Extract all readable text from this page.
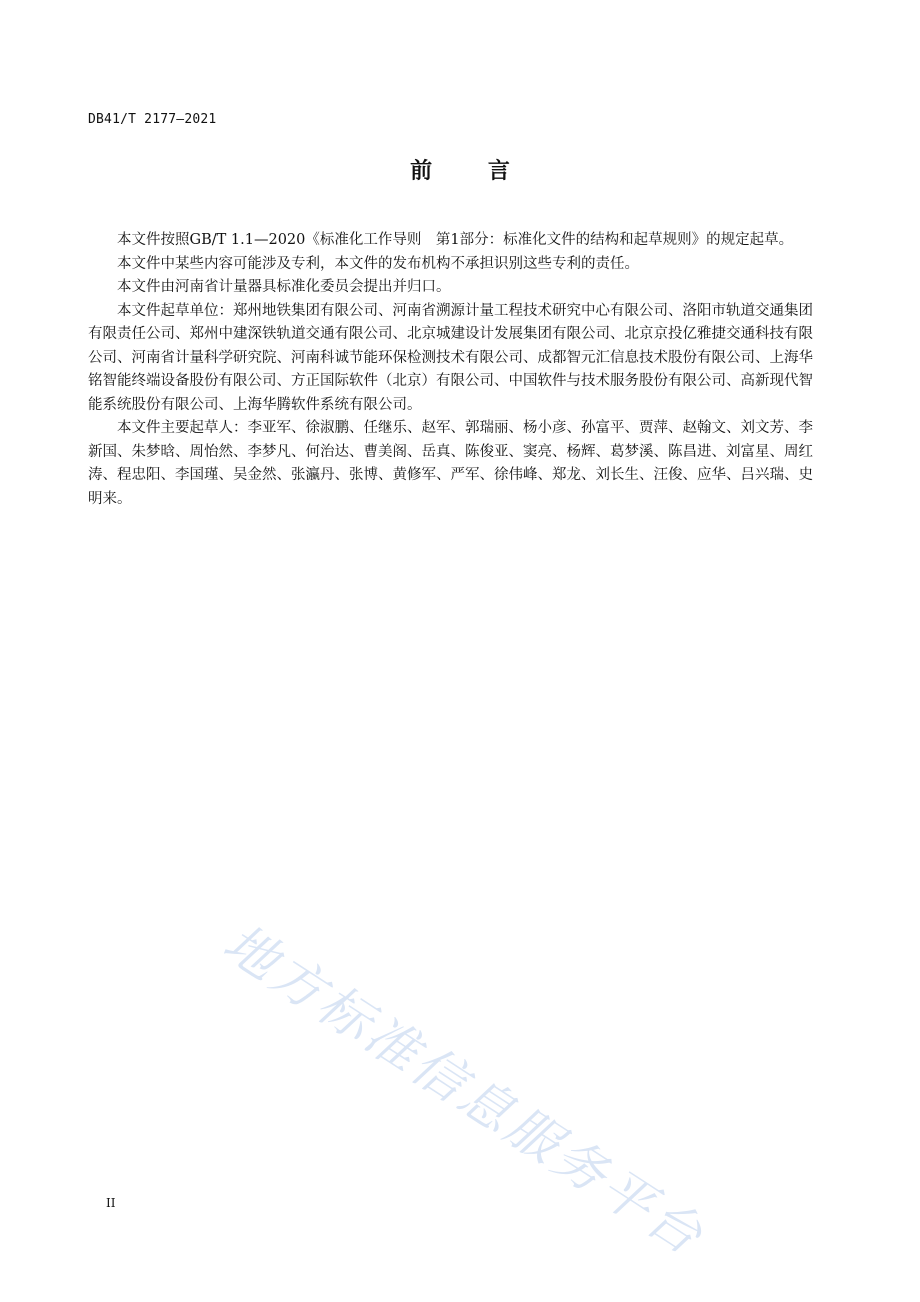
DB41/T 2177—2021
前 言

本文件按照GB/T 1.1—2020《标准化工作导则　第1部分：标准化文件的结构和起草规则》的规定起草。

本文件中某些内容可能涉及专利，本文件的发布机构不承担识别这些专利的责任。

本文件由河南省计量器具标准化委员会提出并归口。

本文件起草单位：郑州地铁集团有限公司、河南省溯源计量工程技术研究中心有限公司、洛阳市轨道交通集团有限责任公司、郑州中建深铁轨道交通有限公司、北京城建设计发展集团有限公司、北京京投亿雅捷交通科技有限公司、河南省计量科学研究院、河南科诚节能环保检测技术有限公司、成都智元汇信息技术股份有限公司、上海华铭智能终端设备股份有限公司、方正国际软件（北京）有限公司、中国软件与技术服务股份有限公司、高新现代智能系统股份有限公司、上海华腾软件系统有限公司。

本文件主要起草人：李亚军、徐淑鹏、任继乐、赵军、郭瑞丽、杨小彦、孙富平、贾萍、赵翰文、刘文芳、李新国、朱梦晗、周怡然、李梦凡、何治达、曹美阁、岳真、陈俊亚、窦亮、杨辉、葛梦溪、陈昌进、刘富星、周红涛、程忠阳、李国瑾、吴金然、张瀛丹、张博、黄修军、严军、徐伟峰、郑龙、刘长生、汪俊、应华、吕兴瑞、史明来。

地方标准信息服务平台
II
